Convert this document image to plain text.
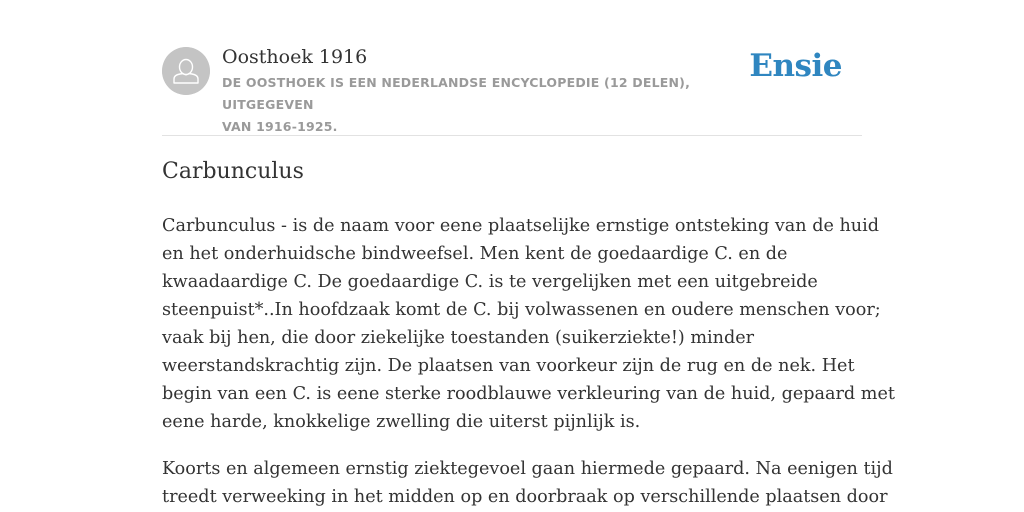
Oosthoek 1916
DE OOSTHOEK IS EEN NEDERLANDSE ENCYCLOPEDIE (12 DELEN), UITGEGEVEN
VAN 1916-1925.
Ensie
Carbunculus

Carbunculus - is de naam voor eene plaatselijke ernstige ontsteking van de huid
en het onderhuidsche bindweefsel. Men kent de goedaardige C. en de
kwaadaardige C. De goedaardige C. is te vergelijken met een uitgebreide
steenpuist*..In hoofdzaak komt de C. bij volwassenen en oudere menschen voor;
vaak bij hen, die door ziekelijke toestanden (suikerziekte!) minder
weerstandskrachtig zijn. De plaatsen van voorkeur zijn de rug en de nek. Het
begin van een C. is eene sterke roodblauwe verkleuring van de huid, gepaard met
eene harde, knokkelige zwelling die uiterst pijnlijk is.

Koorts en algemeen ernstig ziektegevoel gaan hiermede gepaard. Na eenigen tijd
treedt verweeking in het midden op en doorbraak op verschillende plaatsen door
